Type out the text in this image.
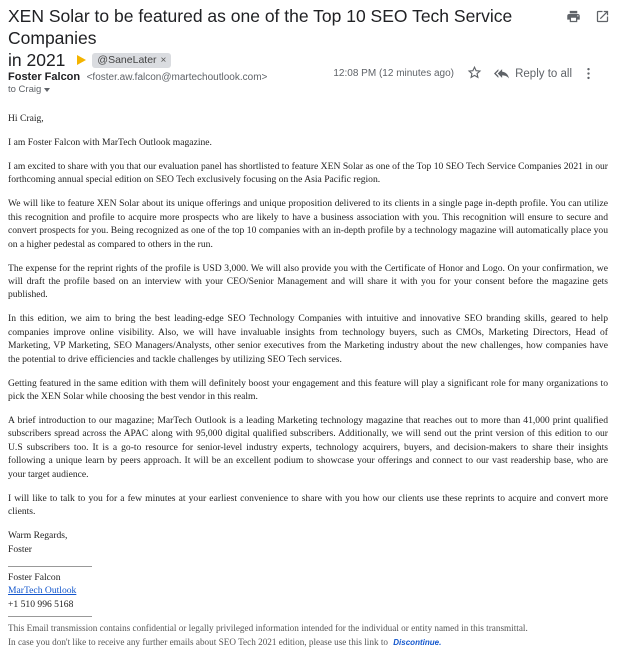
XEN Solar to be featured as one of the Top 10 SEO Tech Service Companies
in 2021	@SaneLater ×
Foster Falcon <foster.aw.falcon@martechoutlook.com>	12:08 PM (12 minutes ago)	Reply to all
to Craig

Hi Craig,

I am Foster Falcon with MarTech Outlook magazine.

I am excited to share with you that our evaluation panel has shortlisted to feature XEN Solar as one of the Top 10 SEO Tech Service Companies 2021 in our forthcoming annual special edition on SEO Tech exclusively focusing on the Asia Pacific region.

We will like to feature XEN Solar about its unique offerings and unique proposition delivered to its clients in a single page in-depth profile. You can utilize this recognition and profile to acquire more prospects who are likely to have a business association with you. This recognition will ensure to secure and convert prospects for you. Being recognized as one of the top 10 companies with an in-depth profile by a technology magazine will automatically place you on a higher pedestal as compared to others in the run.

The expense for the reprint rights of the profile is USD 3,000. We will also provide you with the Certificate of Honor and Logo. On your confirmation, we will draft the profile based on an interview with your CEO/Senior Management and will share it with you for your consent before the magazine gets published.

In this edition, we aim to bring the best leading-edge SEO Technology Companies with intuitive and innovative SEO branding skills, geared to help companies improve online visibility. Also, we will have invaluable insights from technology buyers, such as CMOs, Marketing Directors, Head of Marketing, VP Marketing, SEO Managers/Analysts, other senior executives from the Marketing industry about the new challenges, how companies have the potential to drive efficiencies and tackle challenges by utilizing SEO Tech services.

Getting featured in the same edition with them will definitely boost your engagement and this feature will play a significant role for many organizations to pick the XEN Solar while choosing the best vendor in this realm.

A brief introduction to our magazine; MarTech Outlook is a leading Marketing technology magazine that reaches out to more than 41,000 print qualified subscribers spread across the APAC along with 95,000 digital qualified subscribers. Additionally, we will send out the print version of this edition to our U.S subscribers too. It is a go-to resource for senior-level industry experts, technology acquirers, buyers, and decision-makers to share their insights following a unique learn by peers approach. It will be an excellent podium to showcase your offerings and connect to our vast readership base, who are your target audience.

I will like to talk to you for a few minutes at your earliest convenience to share with you how our clients use these reprints to acquire and convert more clients.

Warm Regards,

Foster

Foster Falcon

MarTech Outlook

+1 510 996 5168

This Email transmission contains confidential or legally privileged information intended for the individual or entity named in this transmittal.
In case you don't like to receive any further emails about SEO Tech 2021 edition, please use this link to Discontinue.
